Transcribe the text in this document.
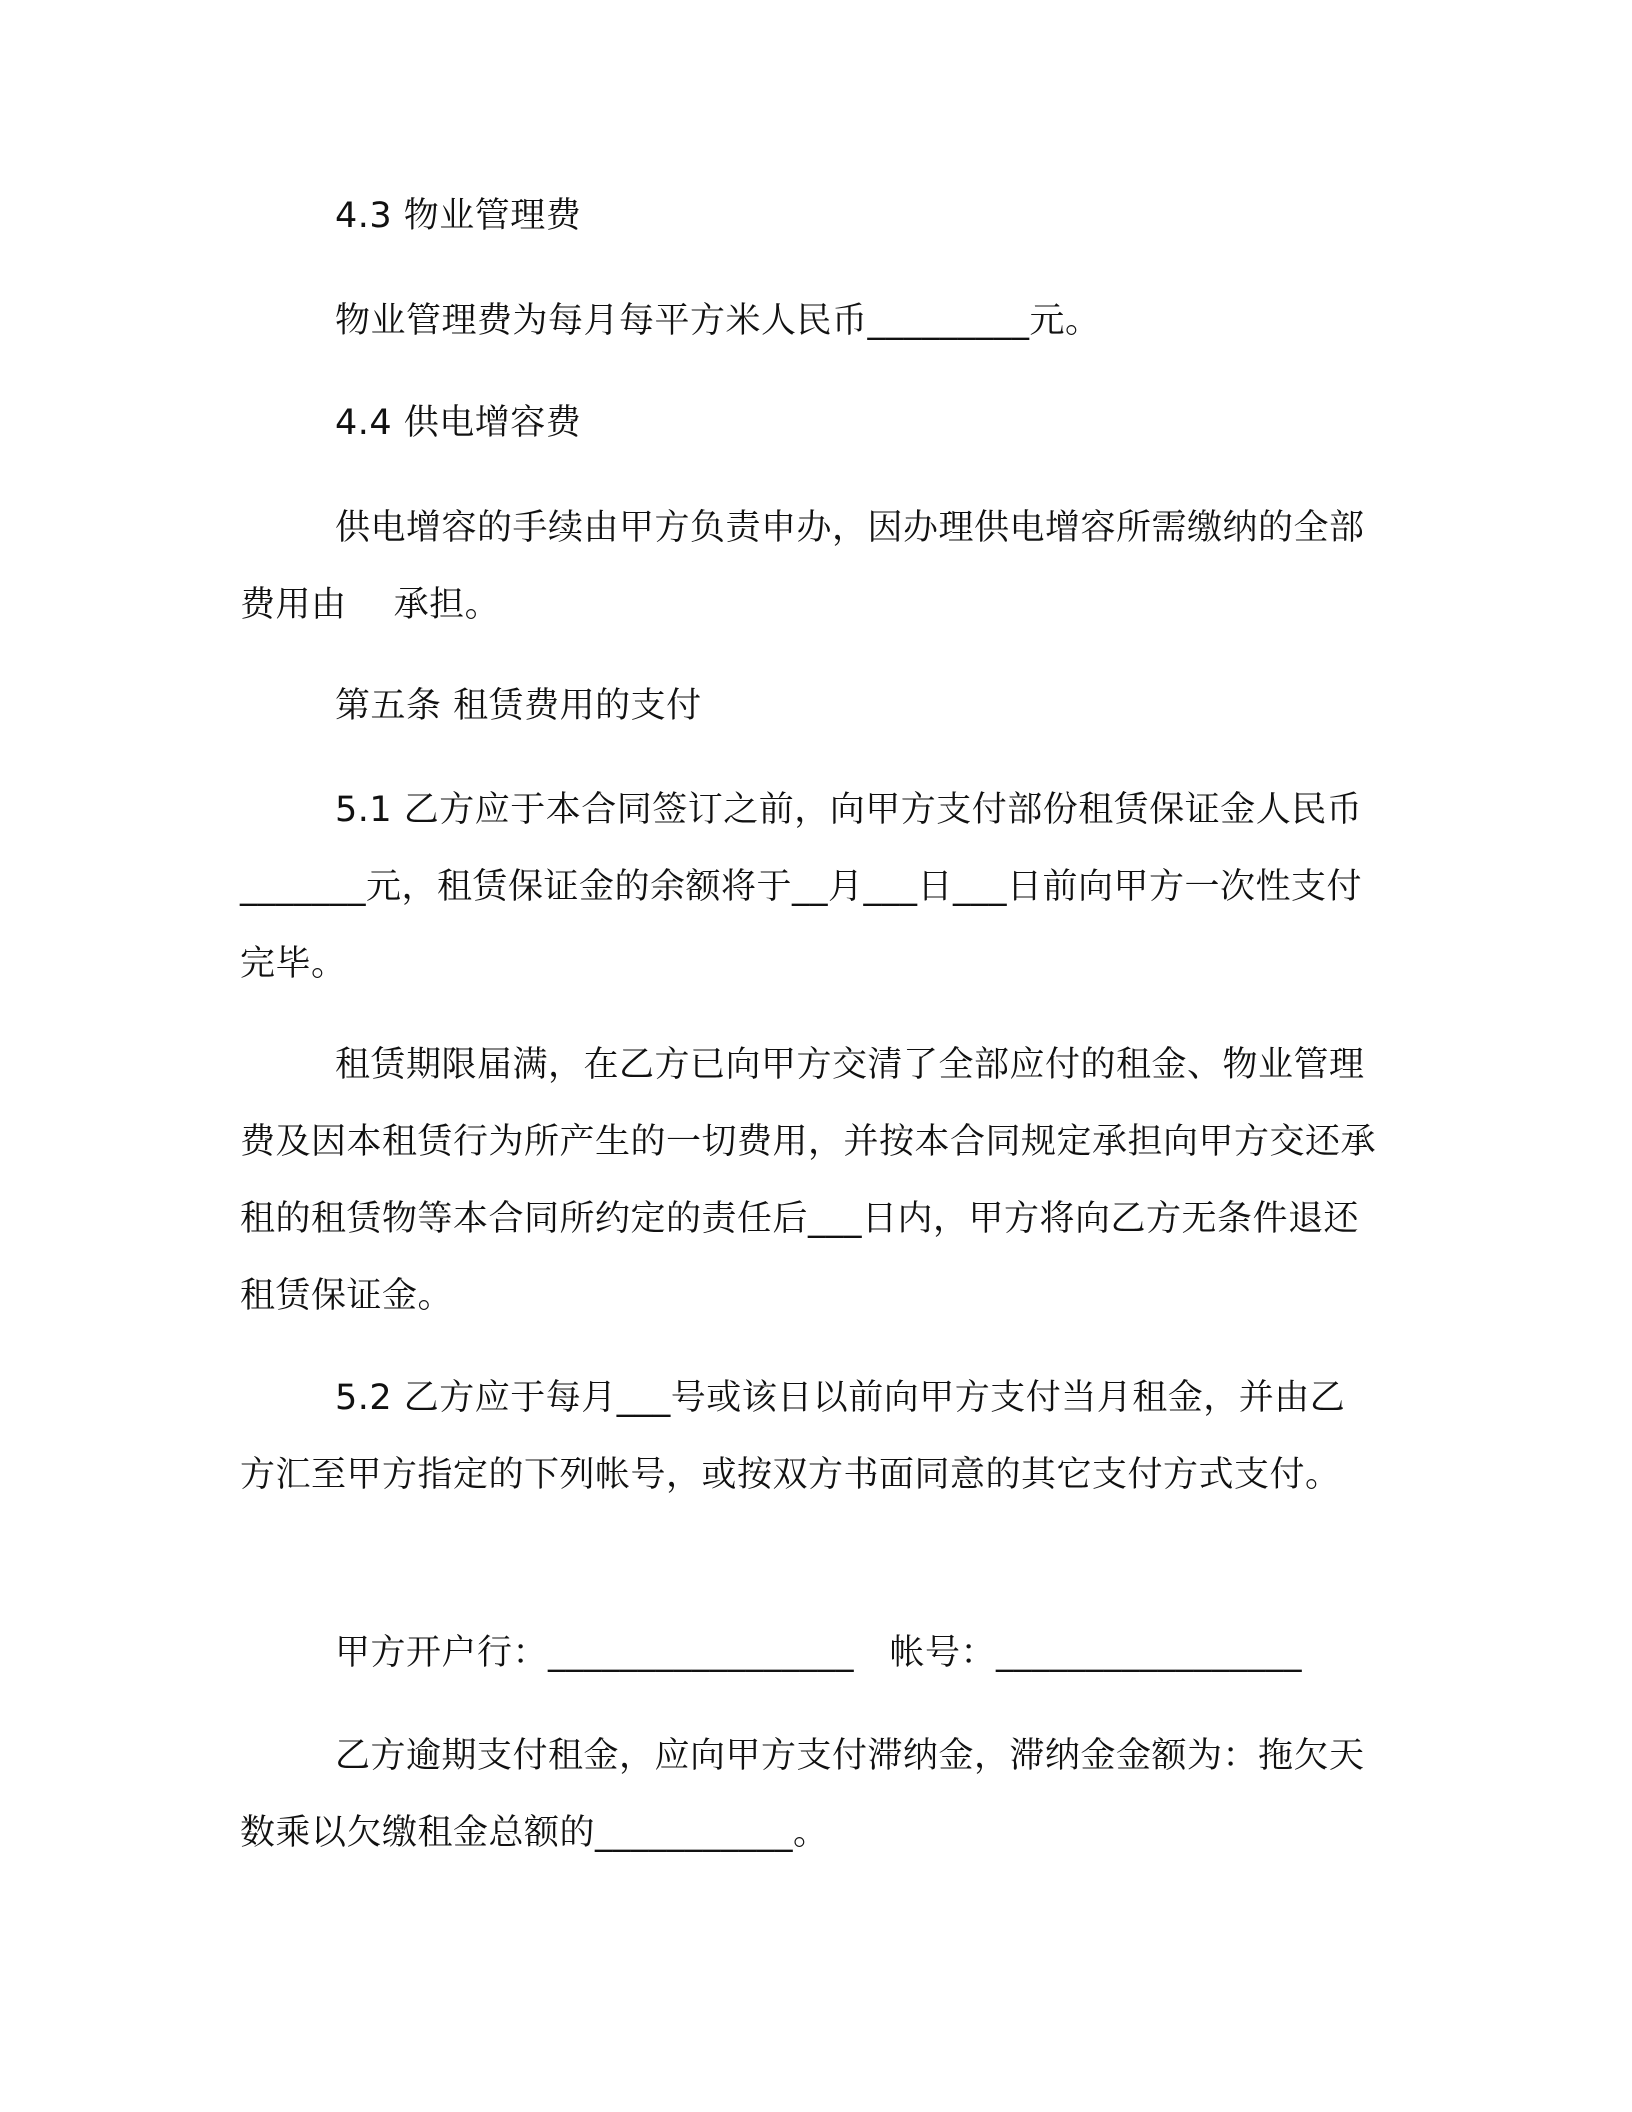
4.3 物业管理费

物业管理费为每月每平方米人民币_________元。

4.4 供电增容费

供电增容的手续由甲方负责申办，因办理供电增容所需缴纳的全部费用由　 承担。

第五条 租赁费用的支付

5.1 乙方应于本合同签订之前，向甲方支付部份租赁保证金人民币_______元，租赁保证金的余额将于__月___日___日前向甲方一次性支付完毕。

租赁期限届满，在乙方已向甲方交清了全部应付的租金、物业管理费及因本租赁行为所产生的一切费用，并按本合同规定承担向甲方交还承租的租赁物等本合同所约定的责任后___日内，甲方将向乙方无条件退还租赁保证金。

5.2 乙方应于每月___号或该日以前向甲方支付当月租金，并由乙方汇至甲方指定的下列帐号，或按双方书面同意的其它支付方式支付。

甲方开户行：_________________　帐号：_________________

乙方逾期支付租金，应向甲方支付滞纳金，滞纳金金额为：拖欠天数乘以欠缴租金总额的___________。
